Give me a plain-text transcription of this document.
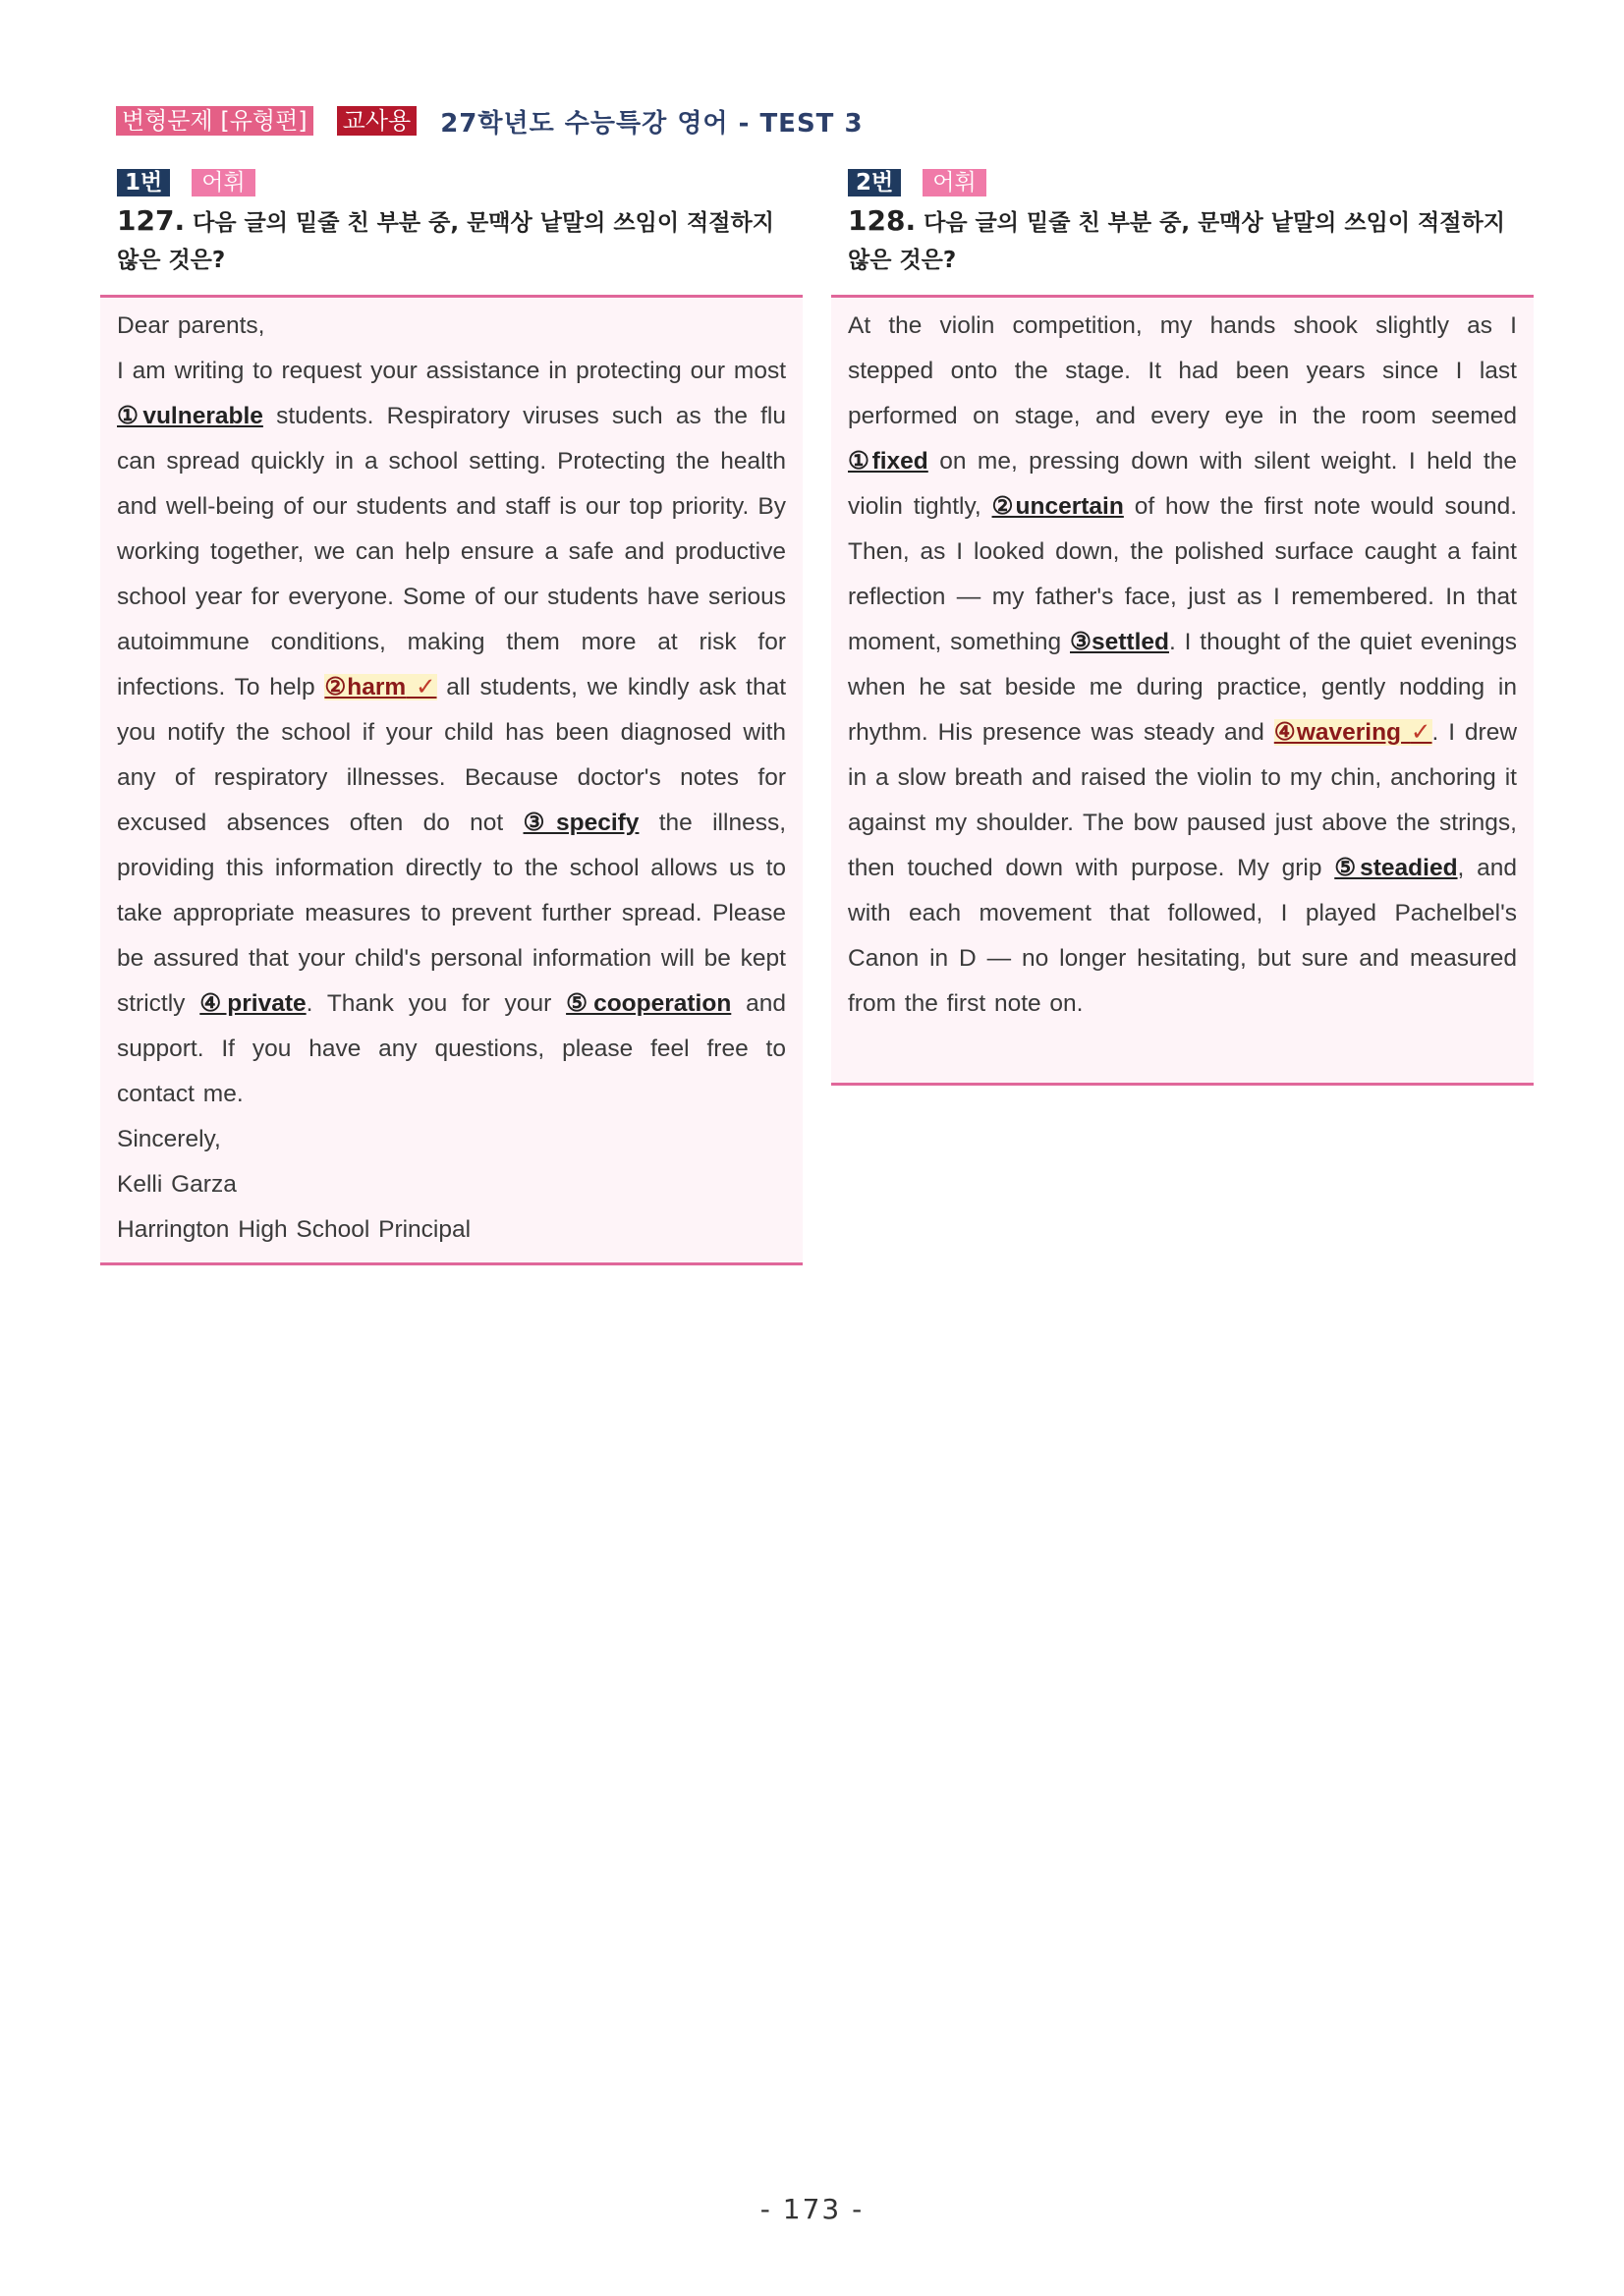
변형문제 [유형편] 교사용 27학년도 수능특강 영어 - TEST 3
1번	어휘

127. 다음 글의 밑줄 친 부분 중, 문맥상 낱말의 쓰임이 적절하지 않은 것은?

Dear parents,
I am writing to request your assistance in protecting our most ①vulnerable students. Respiratory viruses such as the flu can spread quickly in a school setting. Protecting the health and well-being of our students and staff is our top priority. By working together, we can help ensure a safe and productive school year for everyone. Some of our students have serious autoimmune conditions, making them more at risk for infections. To help ②harm ✓ all students, we kindly ask that you notify the school if your child has been diagnosed with any of respiratory illnesses. Because doctor's notes for excused absences often do not ③specify the illness, providing this information directly to the school allows us to take appropriate measures to prevent further spread. Please be assured that your child's personal information will be kept strictly ④private. Thank you for your ⑤cooperation and support. If you have any questions, please feel free to contact me.
Sincerely,
Kelli Garza
Harrington High School Principal
2번	어휘

128. 다음 글의 밑줄 친 부분 중, 문맥상 낱말의 쓰임이 적절하지 않은 것은?

At the violin competition, my hands shook slightly as I stepped onto the stage. It had been years since I last performed on stage, and every eye in the room seemed ①fixed on me, pressing down with silent weight. I held the violin tightly, ②uncertain of how the first note would sound. Then, as I looked down, the polished surface caught a faint reflection — my father's face, just as I remembered. In that moment, something ③settled. I thought of the quiet evenings when he sat beside me during practice, gently nodding in rhythm. His presence was steady and ④wavering ✓. I drew in a slow breath and raised the violin to my chin, anchoring it against my shoulder. The bow paused just above the strings, then touched down with purpose. My grip ⑤steadied, and with each movement that followed, I played Pachelbel's Canon in D — no longer hesitating, but sure and measured from the first note on.
- 173 -
